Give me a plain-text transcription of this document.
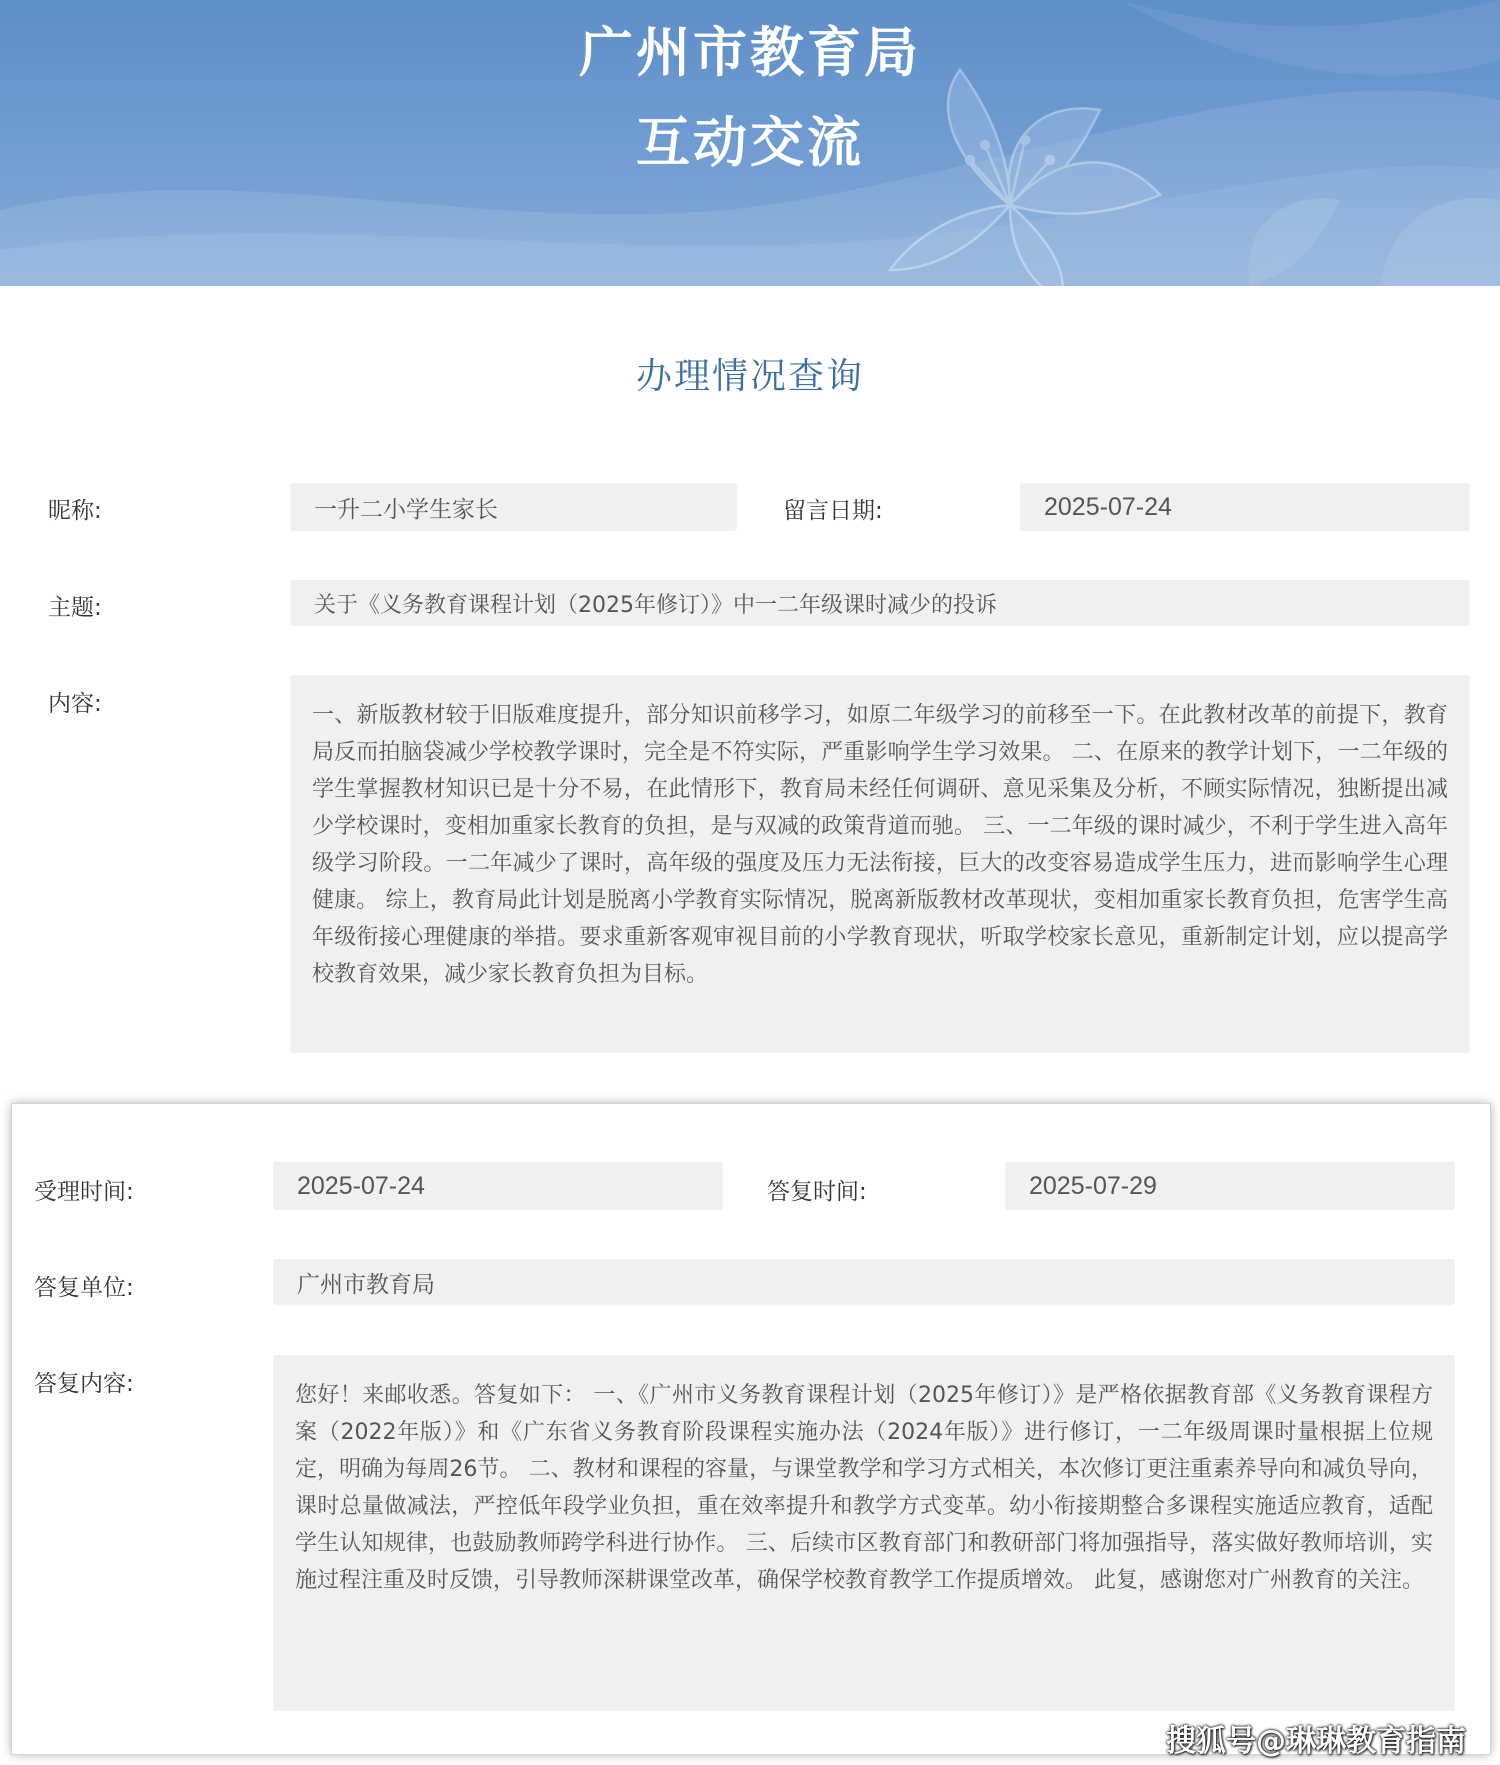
广州市教育局
互动交流
办理情况查询
昵称:	一升二小学生家长	留言日期:	2025-07-24
主题:	关于《义务教育课程计划（2025年修订）》中一二年级课时减少的投诉
内容:	一、新版教材较于旧版难度提升，部分知识前移学习，如原二年级学习的前移至一下。在此教材改革的前提下，教育局反而拍脑袋减少学校教学课时，完全是不符实际，严重影响学生学习效果。 二、在原来的教学计划下，一二年级的学生掌握教材知识已是十分不易，在此情形下，教育局未经任何调研、意见采集及分析，不顾实际情况，独断提出减少学校课时，变相加重家长教育的负担，是与双减的政策背道而驰。 三、一二年级的课时减少，不利于学生进入高年级学习阶段。一二年减少了课时，高年级的强度及压力无法衔接，巨大的改变容易造成学生压力，进而影响学生心理健康。 综上，教育局此计划是脱离小学教育实际情况，脱离新版教材改革现状，变相加重家长教育负担，危害学生高年级衔接心理健康的举措。要求重新客观审视目前的小学教育现状，听取学校家长意见，重新制定计划，应以提高学校教育效果，减少家长教育负担为目标。
受理时间:	2025-07-24	答复时间:	2025-07-29
答复单位:	广州市教育局
答复内容:	您好！来邮收悉。答复如下： 一、《广州市义务教育课程计划（2025年修订）》是严格依据教育部《义务教育课程方案（2022年版）》和《广东省义务教育阶段课程实施办法（2024年版）》进行修订，一二年级周课时量根据上位规定，明确为每周26节。 二、教材和课程的容量，与课堂教学和学习方式相关，本次修订更注重素养导向和减负导向，课时总量做减法，严控低年段学业负担，重在效率提升和教学方式变革。幼小衔接期整合多课程实施适应教育，适配学生认知规律，也鼓励教师跨学科进行协作。 三、后续市区教育部门和教研部门将加强指导，落实做好教师培训，实施过程注重及时反馈，引导教师深耕课堂改革，确保学校教育教学工作提质增效。 此复，感谢您对广州教育的关注。
搜狐号@琳琳教育指南
